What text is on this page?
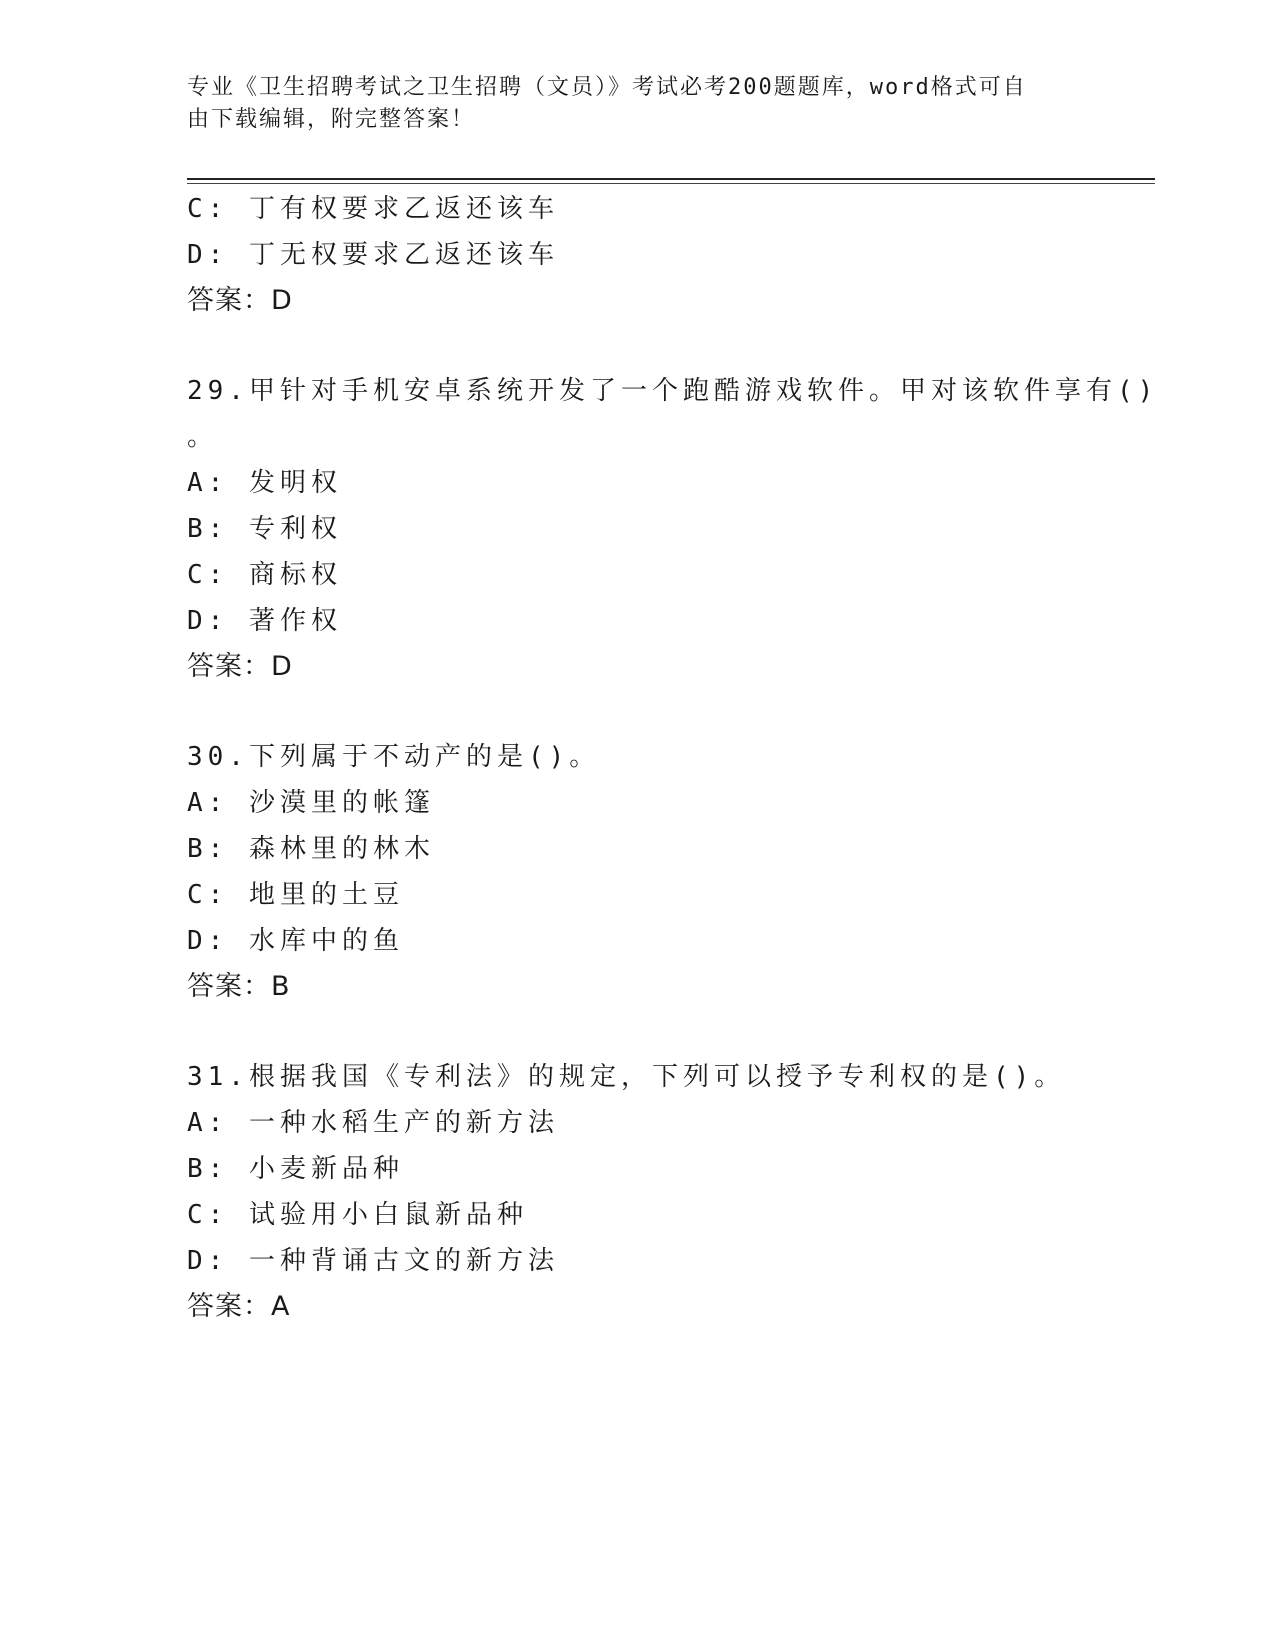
专业《卫生招聘考试之卫生招聘（文员）》考试必考200题题库，word格式可自
由下载编辑，附完整答案！
C: 丁有权要求乙返还该车
D: 丁无权要求乙返还该车
答案：D
29.甲针对手机安卓系统开发了一个跑酷游戏软件。甲对该软件享有()
。
A: 发明权
B: 专利权
C: 商标权
D: 著作权
答案：D
30.下列属于不动产的是()。
A: 沙漠里的帐篷
B: 森林里的林木
C: 地里的土豆
D: 水库中的鱼
答案：B
31.根据我国《专利法》的规定，下列可以授予专利权的是()。
A: 一种水稻生产的新方法
B: 小麦新品种
C: 试验用小白鼠新品种
D: 一种背诵古文的新方法
答案：A
